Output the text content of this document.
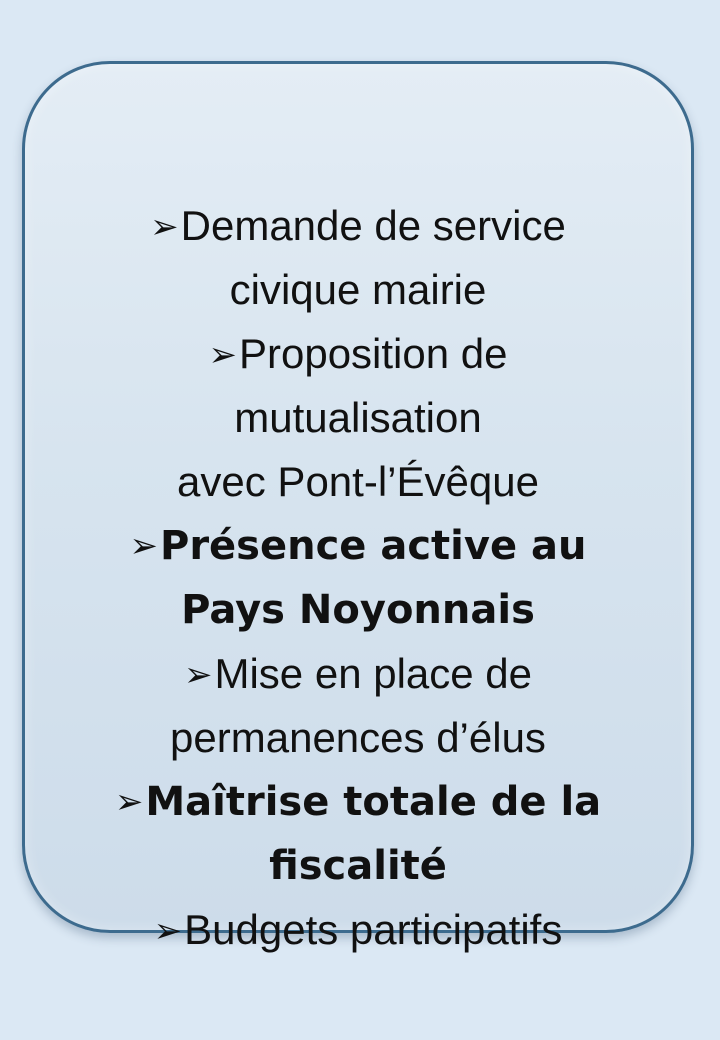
➢Demande de service
civique mairie
➢Proposition de
mutualisation
avec Pont-l’Évêque
➢Présence active au
Pays Noyonnais
➢Mise en place de
permanences d’élus
➢Maîtrise totale de la
fiscalité
➢Budgets participatifs
